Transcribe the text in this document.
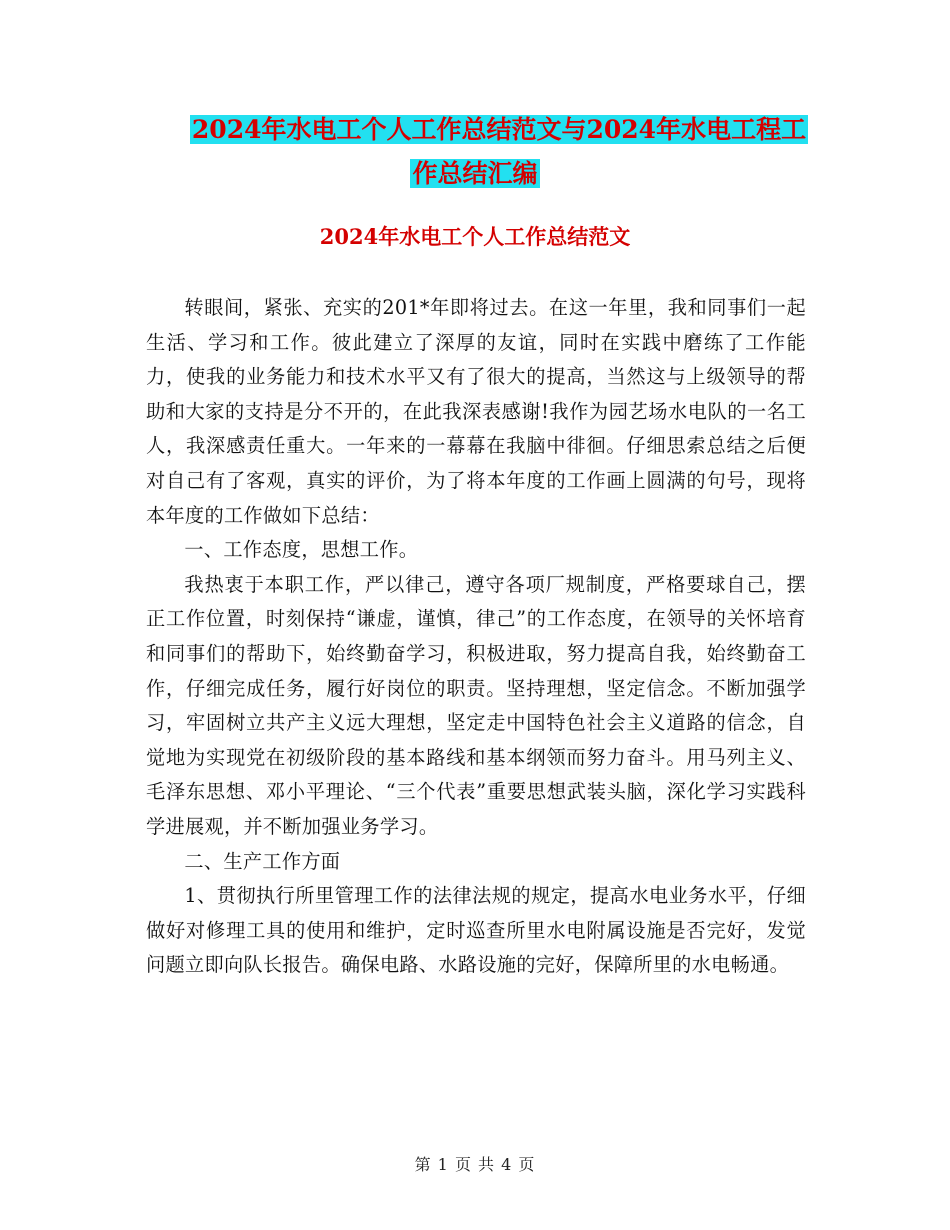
2024年水电工个人工作总结范文与2024年水电工程工
作总结汇编
2024年水电工个人工作总结范文

转眼间，紧张、充实的201*年即将过去。在这一年里，我和同事们一起生活、学习和工作。彼此建立了深厚的友谊，同时在实践中磨练了工作能力，使我的业务能力和技术水平又有了很大的提高，当然这与上级领导的帮助和大家的支持是分不开的，在此我深表感谢!我作为园艺场水电队的一名工人，我深感责任重大。一年来的一幕幕在我脑中徘徊。仔细思索总结之后便对自己有了客观，真实的评价，为了将本年度的工作画上圆满的句号，现将本年度的工作做如下总结：

一、工作态度，思想工作。

我热衷于本职工作，严以律己，遵守各项厂规制度，严格要球自己，摆正工作位置，时刻保持“谦虚，谨慎，律己”的工作态度，在领导的关怀培育和同事们的帮助下，始终勤奋学习，积极进取，努力提高自我，始终勤奋工作，仔细完成任务，履行好岗位的职责。坚持理想，坚定信念。不断加强学习，牢固树立共产主义远大理想，坚定走中国特色社会主义道路的信念，自觉地为实现党在初级阶段的基本路线和基本纲领而努力奋斗。用马列主义、毛泽东思想、邓小平理论、“三个代表”重要思想武装头脑，深化学习实践科学进展观，并不断加强业务学习。

二、生产工作方面

1、贯彻执行所里管理工作的法律法规的规定，提高水电业务水平，仔细做好对修理工具的使用和维护，定时巡查所里水电附属设施是否完好，发觉问题立即向队长报告。确保电路、水路设施的完好，保障所里的水电畅通。

第 1 页 共 4 页
